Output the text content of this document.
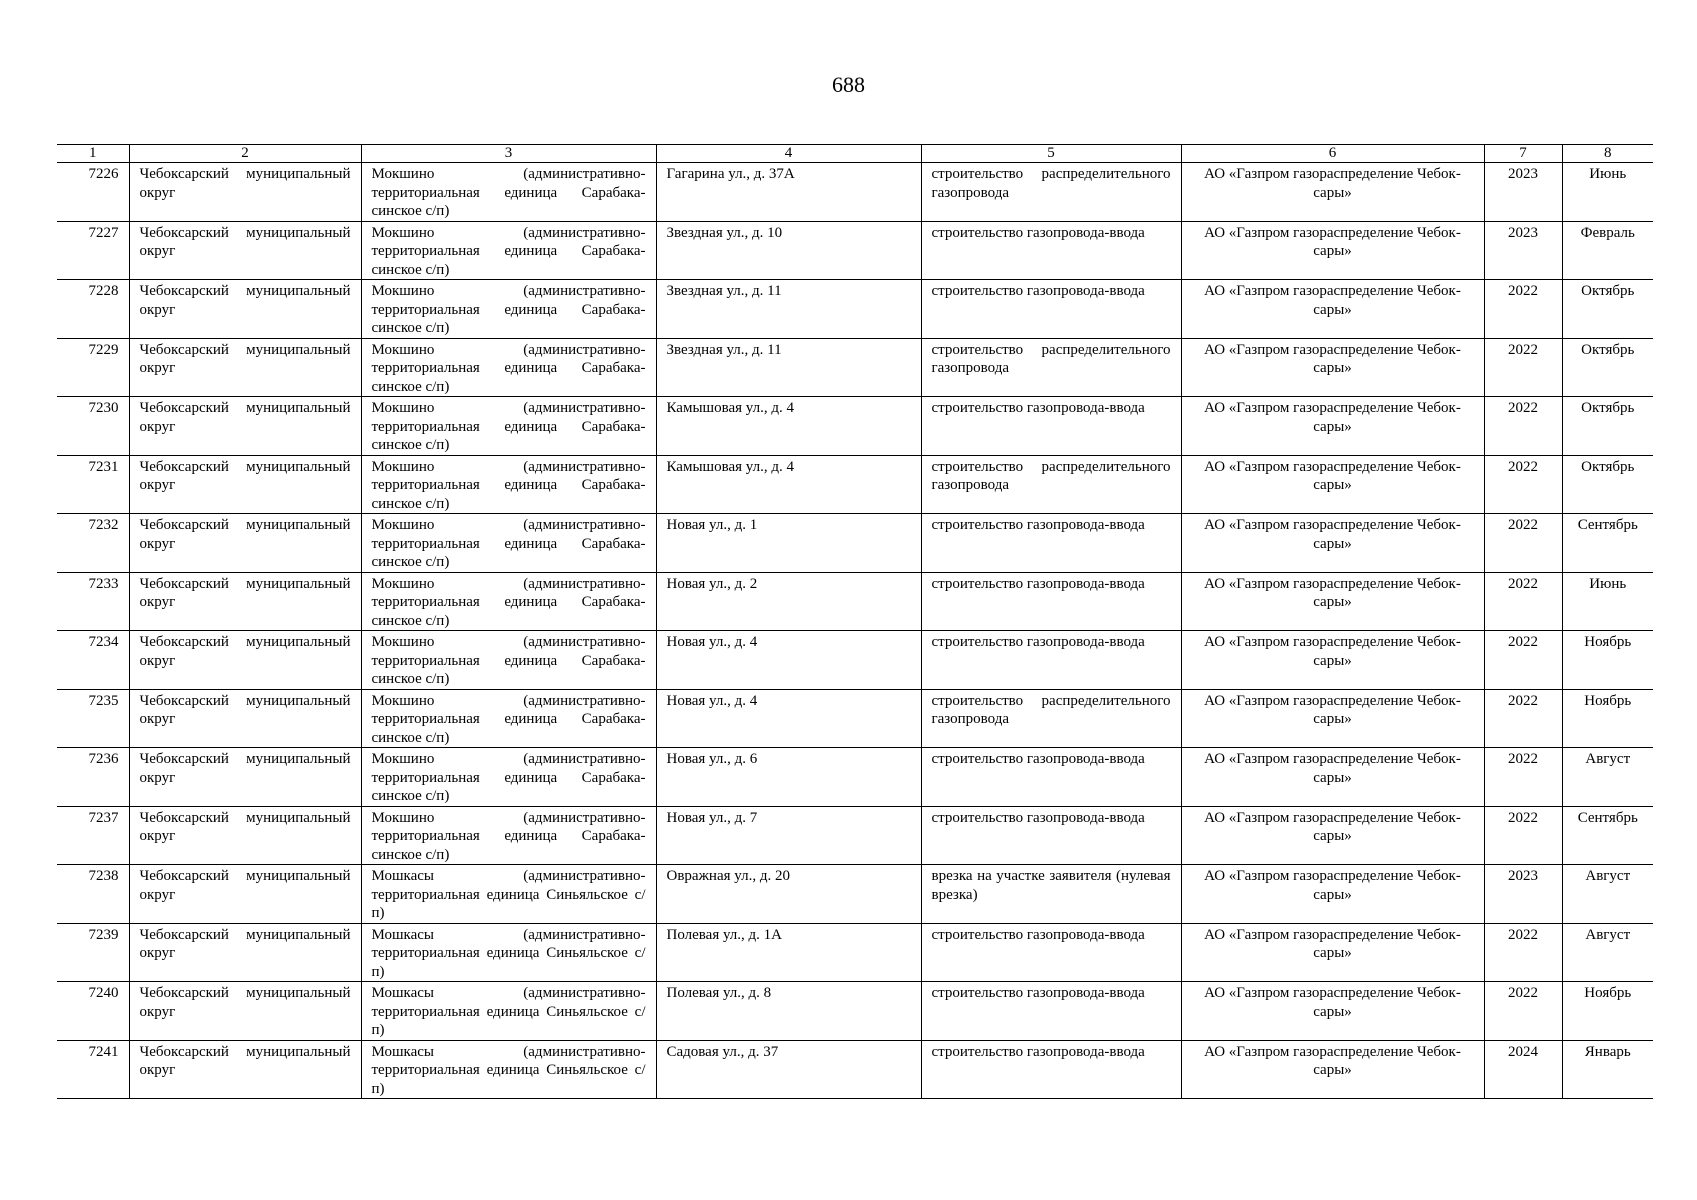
688
1	2	3	4	5	6	7	8
7226	Чебоксарский муниципальный округ	Мокшино (административно-территориальная единица Сарабакасинское с/п)	Гагарина ул., д. 37А	строительство распределительного газопровода	АО «Газпром газораспределение Чебоксары»	2023	Июнь
7227	Чебоксарский муниципальный округ	Мокшино (административно-территориальная единица Сарабакасинское с/п)	Звездная ул., д. 10	строительство газопровода-ввода	АО «Газпром газораспределение Чебоксары»	2023	Февраль
7228	Чебоксарский муниципальный округ	Мокшино (административно-территориальная единица Сарабакасинское с/п)	Звездная ул., д. 11	строительство газопровода-ввода	АО «Газпром газораспределение Чебоксары»	2022	Октябрь
7229	Чебоксарский муниципальный округ	Мокшино (административно-территориальная единица Сарабакасинское с/п)	Звездная ул., д. 11	строительство распределительного газопровода	АО «Газпром газораспределение Чебоксары»	2022	Октябрь
7230	Чебоксарский муниципальный округ	Мокшино (административно-территориальная единица Сарабакасинское с/п)	Камышовая ул., д. 4	строительство газопровода-ввода	АО «Газпром газораспределение Чебоксары»	2022	Октябрь
7231	Чебоксарский муниципальный округ	Мокшино (административно-территориальная единица Сарабакасинское с/п)	Камышовая ул., д. 4	строительство распределительного газопровода	АО «Газпром газораспределение Чебоксары»	2022	Октябрь
7232	Чебоксарский муниципальный округ	Мокшино (административно-территориальная единица Сарабакасинское с/п)	Новая ул., д. 1	строительство газопровода-ввода	АО «Газпром газораспределение Чебоксары»	2022	Сентябрь
7233	Чебоксарский муниципальный округ	Мокшино (административно-территориальная единица Сарабакасинское с/п)	Новая ул., д. 2	строительство газопровода-ввода	АО «Газпром газораспределение Чебоксары»	2022	Июнь
7234	Чебоксарский муниципальный округ	Мокшино (административно-территориальная единица Сарабакасинское с/п)	Новая ул., д. 4	строительство газопровода-ввода	АО «Газпром газораспределение Чебоксары»	2022	Ноябрь
7235	Чебоксарский муниципальный округ	Мокшино (административно-территориальная единица Сарабакасинское с/п)	Новая ул., д. 4	строительство распределительного газопровода	АО «Газпром газораспределение Чебоксары»	2022	Ноябрь
7236	Чебоксарский муниципальный округ	Мокшино (административно-территориальная единица Сарабакасинское с/п)	Новая ул., д. 6	строительство газопровода-ввода	АО «Газпром газораспределение Чебоксары»	2022	Август
7237	Чебоксарский муниципальный округ	Мокшино (административно-территориальная единица Сарабакасинское с/п)	Новая ул., д. 7	строительство газопровода-ввода	АО «Газпром газораспределение Чебоксары»	2022	Сентябрь
7238	Чебоксарский муниципальный округ	Мошкасы (административно-территориальная единица Синьяльское с/п)	Овражная ул., д. 20	врезка на участке заявителя (нулевая врезка)	АО «Газпром газораспределение Чебоксары»	2023	Август
7239	Чебоксарский муниципальный округ	Мошкасы (административно-территориальная единица Синьяльское с/п)	Полевая ул., д. 1А	строительство газопровода-ввода	АО «Газпром газораспределение Чебоксары»	2022	Август
7240	Чебоксарский муниципальный округ	Мошкасы (административно-территориальная единица Синьяльское с/п)	Полевая ул., д. 8	строительство газопровода-ввода	АО «Газпром газораспределение Чебоксары»	2022	Ноябрь
7241	Чебоксарский муниципальный округ	Мошкасы (административно-территориальная единица Синьяльское с/п)	Садовая ул., д. 37	строительство газопровода-ввода	АО «Газпром газораспределение Чебоксары»	2024	Январь
